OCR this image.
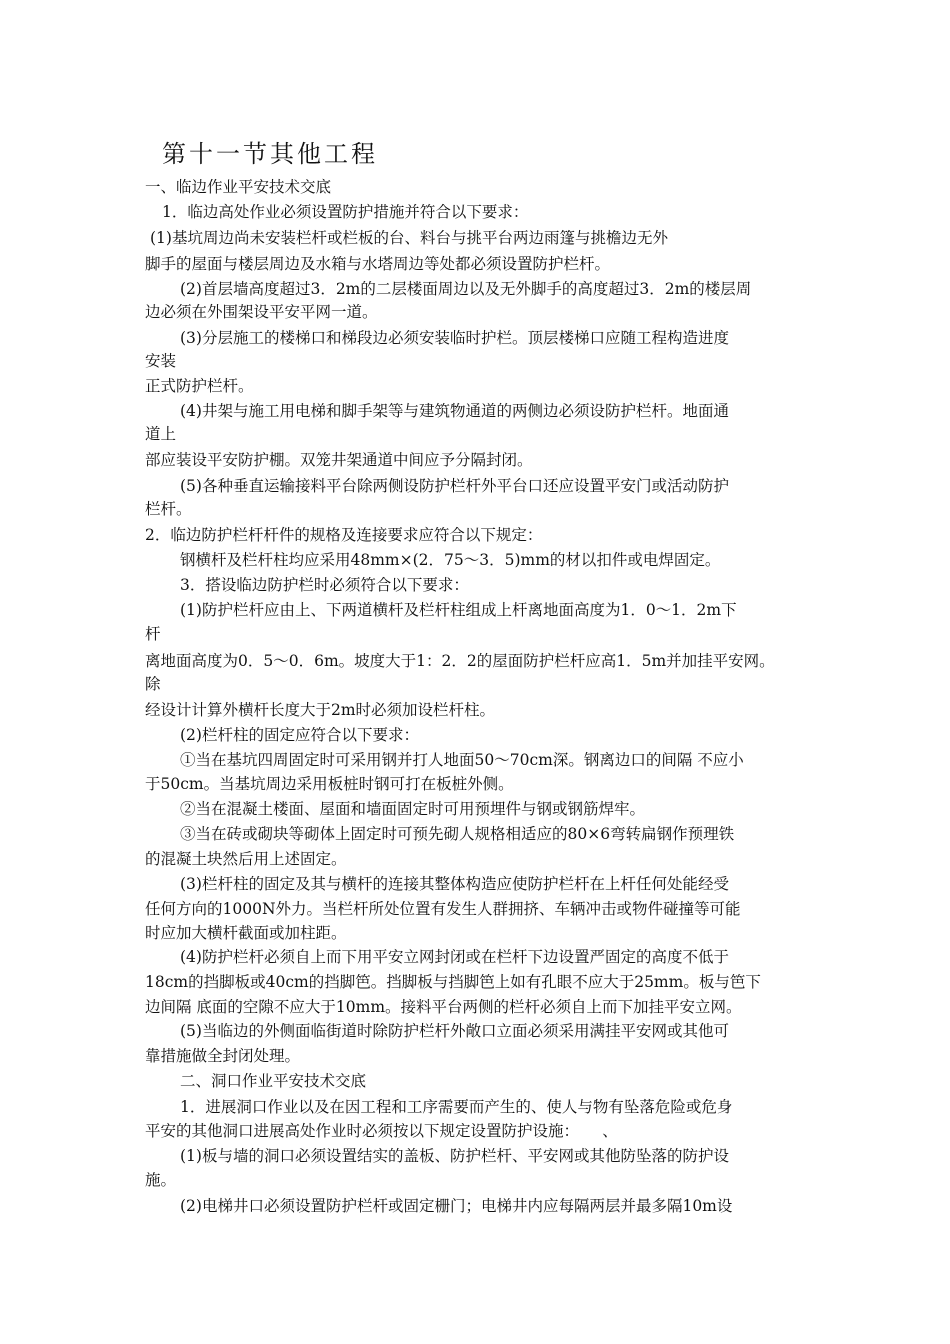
第十一节其他工程
一、临边作业平安技术交底
1．临边高处作业必须设置防护措施并符合以下要求：
(1)基坑周边尚未安装栏杆或栏板的台、料台与挑平台两边雨篷与挑檐边无外
脚手的屋面与楼层周边及水箱与水塔周边等处都必须设置防护栏杆。
(2)首层墙高度超过3．2m的二层楼面周边以及无外脚手的高度超过3．2m的楼层周
边必须在外围架设平安平网一道。
(3)分层施工的楼梯口和梯段边必须安装临时护栏。顶层楼梯口应随工程构造进度
安装
正式防护栏杆。
(4)井架与施工用电梯和脚手架等与建筑物通道的两侧边必须设防护栏杆。地面通
道上
部应装设平安防护棚。双笼井架通道中间应予分隔封闭。
(5)各种垂直运输接料平台除两侧设防护栏杆外平台口还应设置平安门或活动防护
栏杆。
2．临边防护栏杆杆件的规格及连接要求应符合以下规定：
钢横杆及栏杆柱均应采用48mm×(2．75～3．5)mm的材以扣件或电焊固定。
3．搭设临边防护栏时必须符合以下要求：
(1)防护栏杆应由上、下两道横杆及栏杆柱组成上杆离地面高度为1．0～1．2m下
杆
离地面高度为0．5～0．6m。坡度大于1：2．2的屋面防护栏杆应高1．5m并加挂平安网。
除
经设计计算外横杆长度大于2m时必须加设栏杆柱。
(2)栏杆柱的固定应符合以下要求：
①当在基坑四周固定时可采用钢并打人地面50～70cm深。钢离边口的间隔 不应小
于50cm。当基坑周边采用板桩时钢可打在板桩外侧。
②当在混凝土楼面、屋面和墙面固定时可用预埋件与钢或钢筋焊牢。
③当在砖或砌块等砌体上固定时可预先砌人规格相适应的80×6弯转扁钢作预理铁
的混凝土块然后用上述固定。
(3)栏杆柱的固定及其与横杆的连接其整体构造应使防护栏杆在上杆任何处能经受
任何方向的1000N外力。当栏杆所处位置有发生人群拥挤、车辆冲击或物件碰撞等可能
时应加大横杆截面或加柱距。
(4)防护栏杆必须自上而下用平安立网封闭或在栏杆下边设置严固定的高度不低于
18cm的挡脚板或40cm的挡脚笆。挡脚板与挡脚笆上如有孔眼不应大于25mm。板与笆下
边间隔 底面的空隙不应大于10mm。接料平台两侧的栏杆必须自上而下加挂平安立网。
(5)当临边的外侧面临街道时除防护栏杆外敞口立面必须采用满挂平安网或其他可
靠措施做全封闭处理。
二、洞口作业平安技术交底
1．进展洞口作业以及在因工程和工序需要而产生的、使人与物有坠落危险或危身
平安的其他洞口进展高处作业时必须按以下规定设置防护设施：　　、
(1)板与墙的洞口必须设置结实的盖板、防护栏杆、平安网或其他防坠落的防护设
施。
(2)电梯井口必须设置防护栏杆或固定栅门；电梯井内应每隔两层并最多隔10m设
